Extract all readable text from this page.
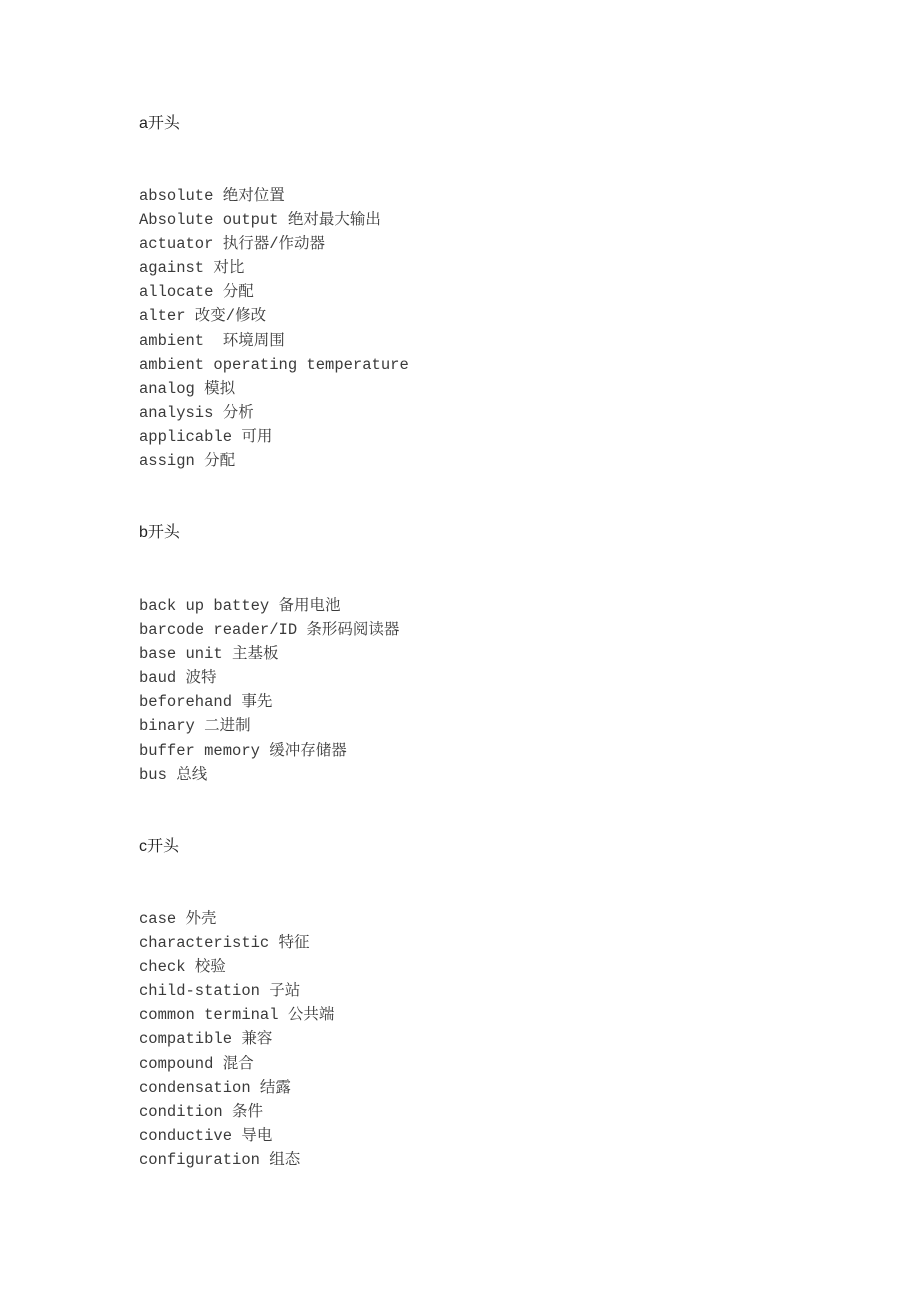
a开头
absolute 绝对位置
Absolute output 绝对最大输出
actuator 执行器/作动器
against 对比
allocate 分配
alter 改变/修改
ambient  环境周围
ambient operating temperature
analog 模拟
analysis 分析
applicable 可用
assign 分配
b开头
back up battey 备用电池
barcode reader/ID 条形码阅读器
base unit 主基板
baud 波特
beforehand 事先
binary 二进制
buffer memory 缓冲存储器
bus 总线
c开头
case 外壳
characteristic 特征
check 校验
child-station 子站
common terminal 公共端
compatible 兼容
compound 混合
condensation 结露
condition 条件
conductive 导电
configuration 组态
